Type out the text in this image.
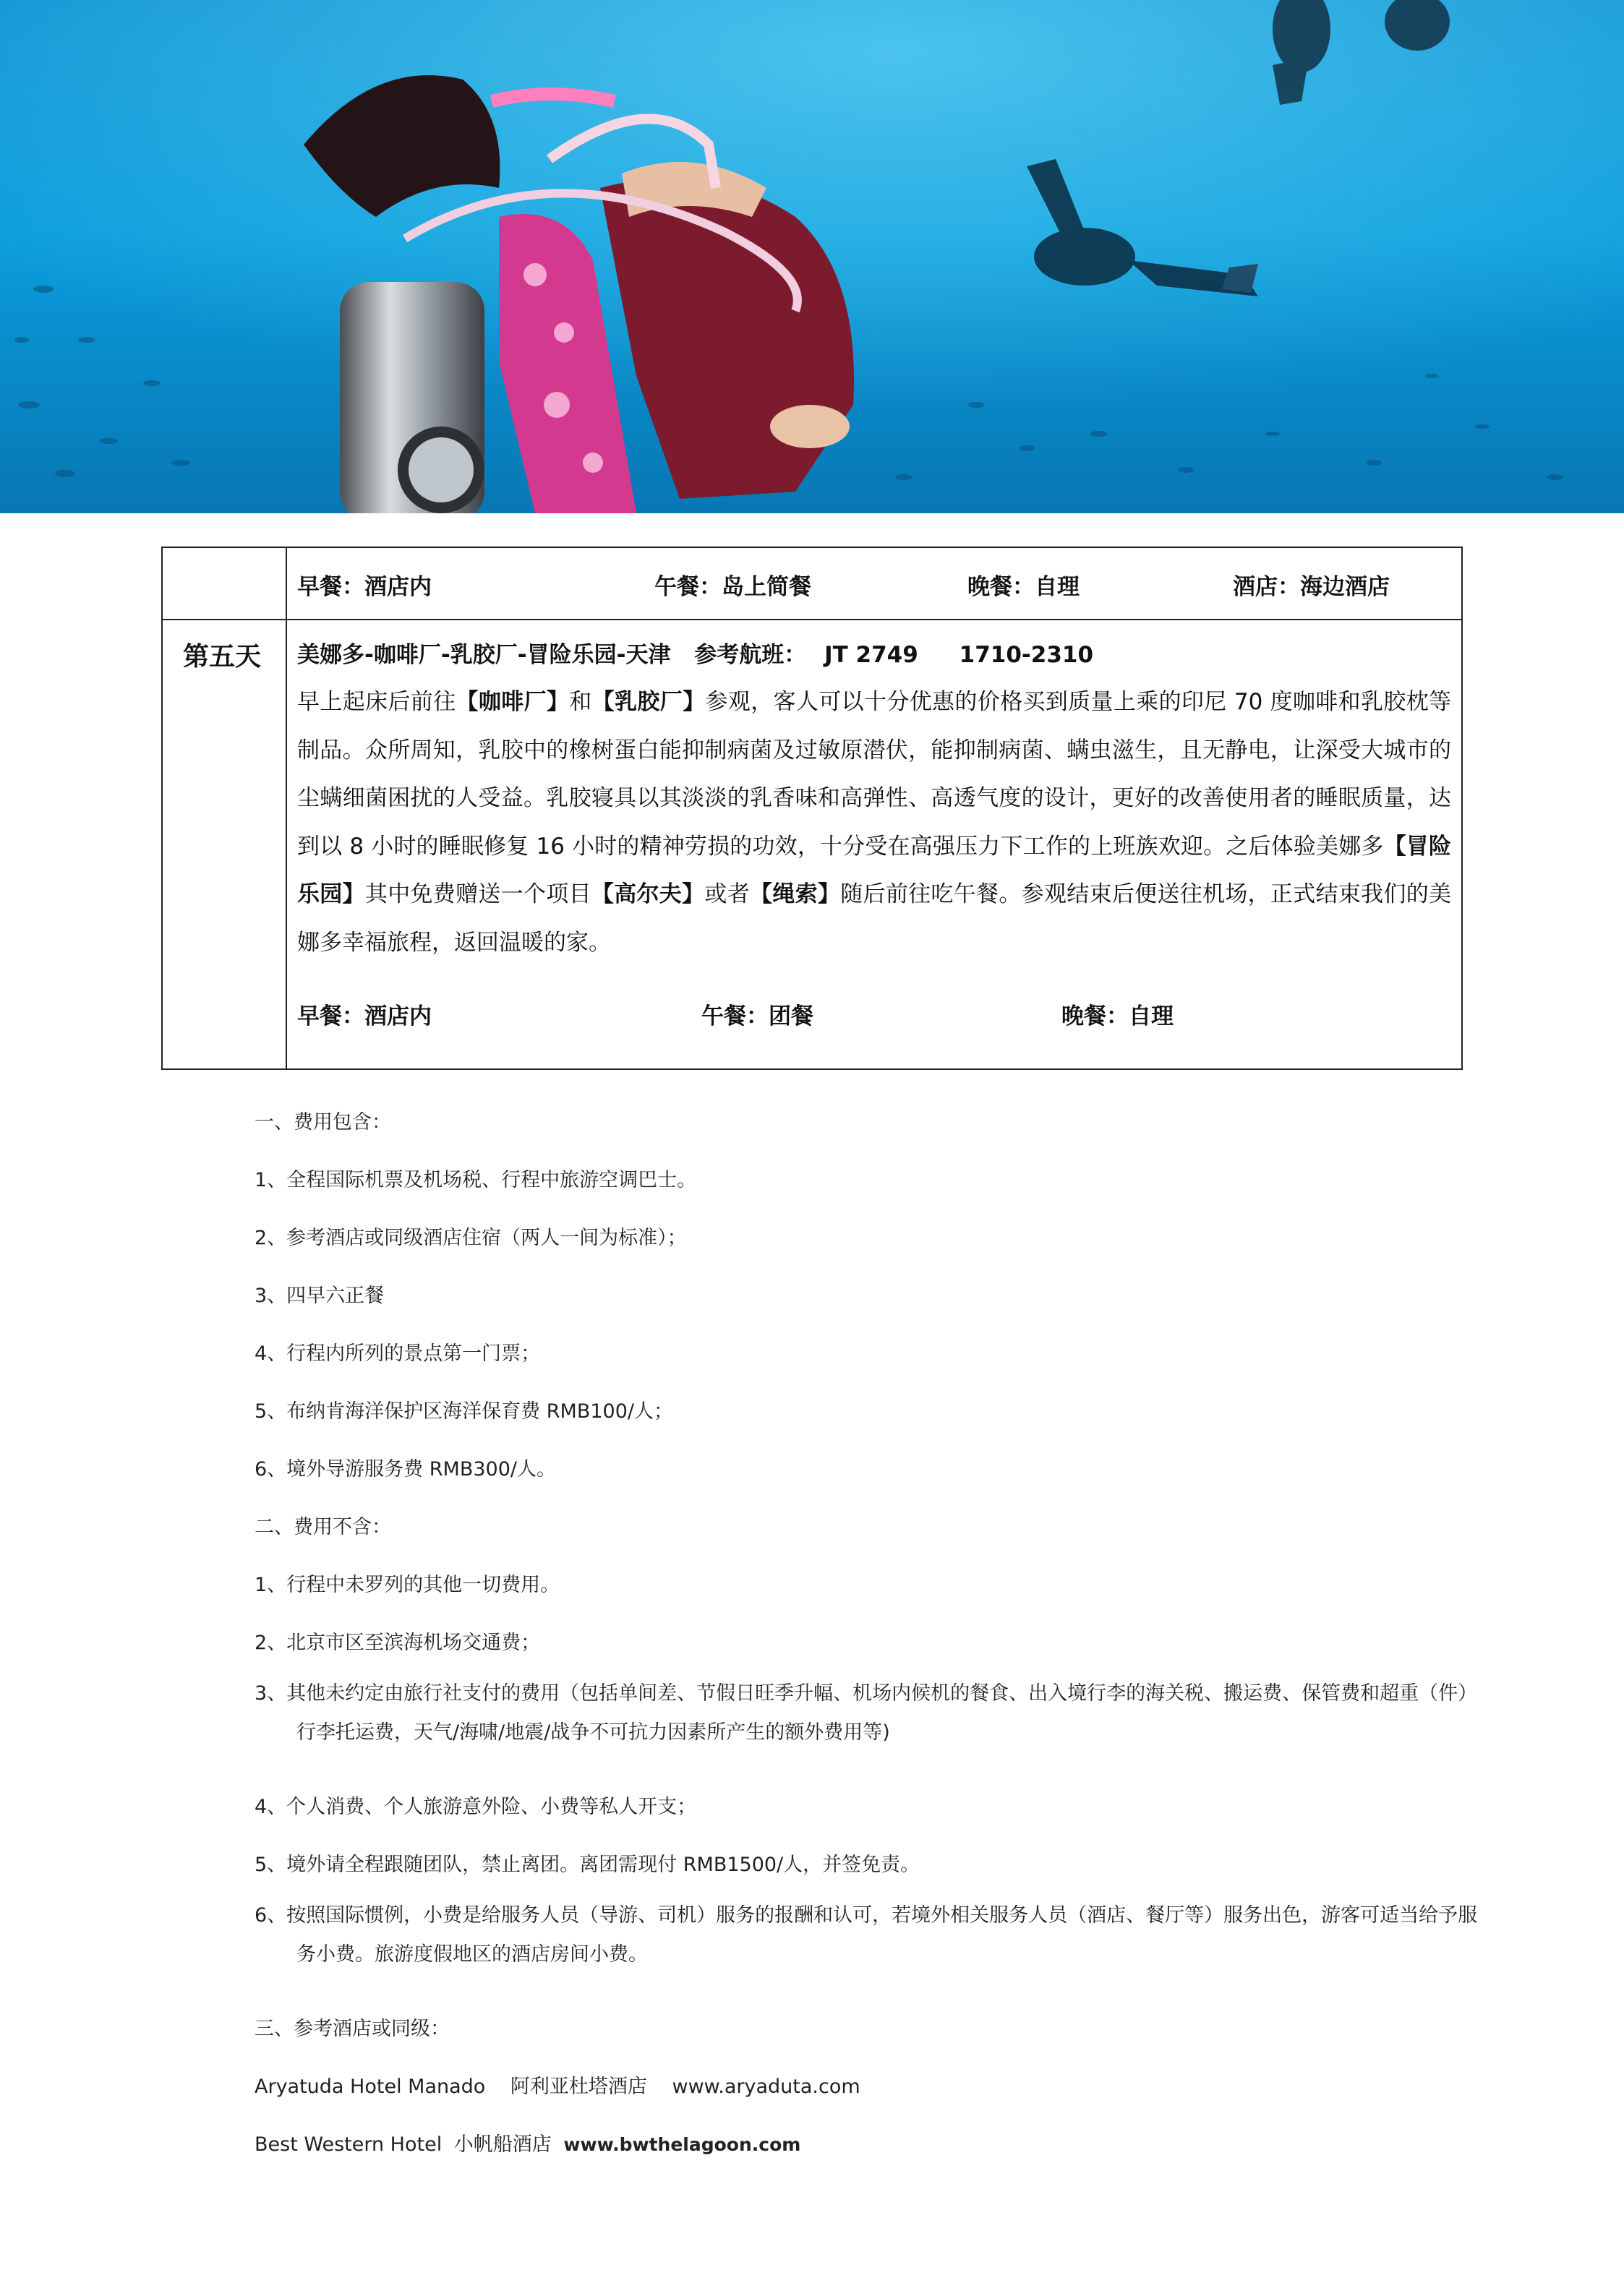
早餐：酒店内	午餐：岛上简餐	晚餐：自理	酒店：海边酒店
第五天 美娜多-咖啡厂-乳胶厂-冒险乐园-天津 参考航班： JT 2749 1710-2310
早上起床后前往【咖啡厂】和【乳胶厂】参观，客人可以十分优惠的价格买到质量上乘的印尼 70 度咖啡和乳胶枕等制品。众所周知，乳胶中的橡树蛋白能抑制病菌及过敏原潜伏，能抑制病菌、螨虫滋生，且无静电，让深受大城市的尘螨细菌困扰的人受益。乳胶寝具以其淡淡的乳香味和高弹性、高透气度的设计，更好的改善使用者的睡眠质量，达到以 8 小时的睡眠修复 16 小时的精神劳损的功效，十分受在高强压力下工作的上班族欢迎。之后体验美娜多【冒险乐园】其中免费赠送一个项目【高尔夫】或者【绳索】随后前往吃午餐。参观结束后便送往机场，正式结束我们的美娜多幸福旅程，返回温暖的家。
早餐：酒店内	午餐：团餐	晚餐：自理
一、费用包含：
1、全程国际机票及机场税、行程中旅游空调巴士。
2、参考酒店或同级酒店住宿（两人一间为标准）；
3、四早六正餐
4、行程内所列的景点第一门票；
5、布纳肯海洋保护区海洋保育费 RMB100/人；
6、境外导游服务费 RMB300/人。
二、费用不含：
1、行程中未罗列的其他一切费用。
2、北京市区至滨海机场交通费；
3、其他未约定由旅行社支付的费用（包括单间差、节假日旺季升幅、机场内候机的餐食、出入境行李的海关税、搬运费、保管费和超重（件）行李托运费，天气/海啸/地震/战争不可抗力因素所产生的额外费用等)
4、个人消费、个人旅游意外险、小费等私人开支；
5、境外请全程跟随团队，禁止离团。离团需现付 RMB1500/人，并签免责。
6、按照国际惯例，小费是给服务人员（导游、司机）服务的报酬和认可，若境外相关服务人员（酒店、餐厅等）服务出色，游客可适当给予服务小费。旅游度假地区的酒店房间小费。
三、参考酒店或同级：
Aryatuda Hotel Manado 阿利亚杜塔酒店 www.aryaduta.com
Best Western Hotel 小帆船酒店 www.bwthelagoon.com
